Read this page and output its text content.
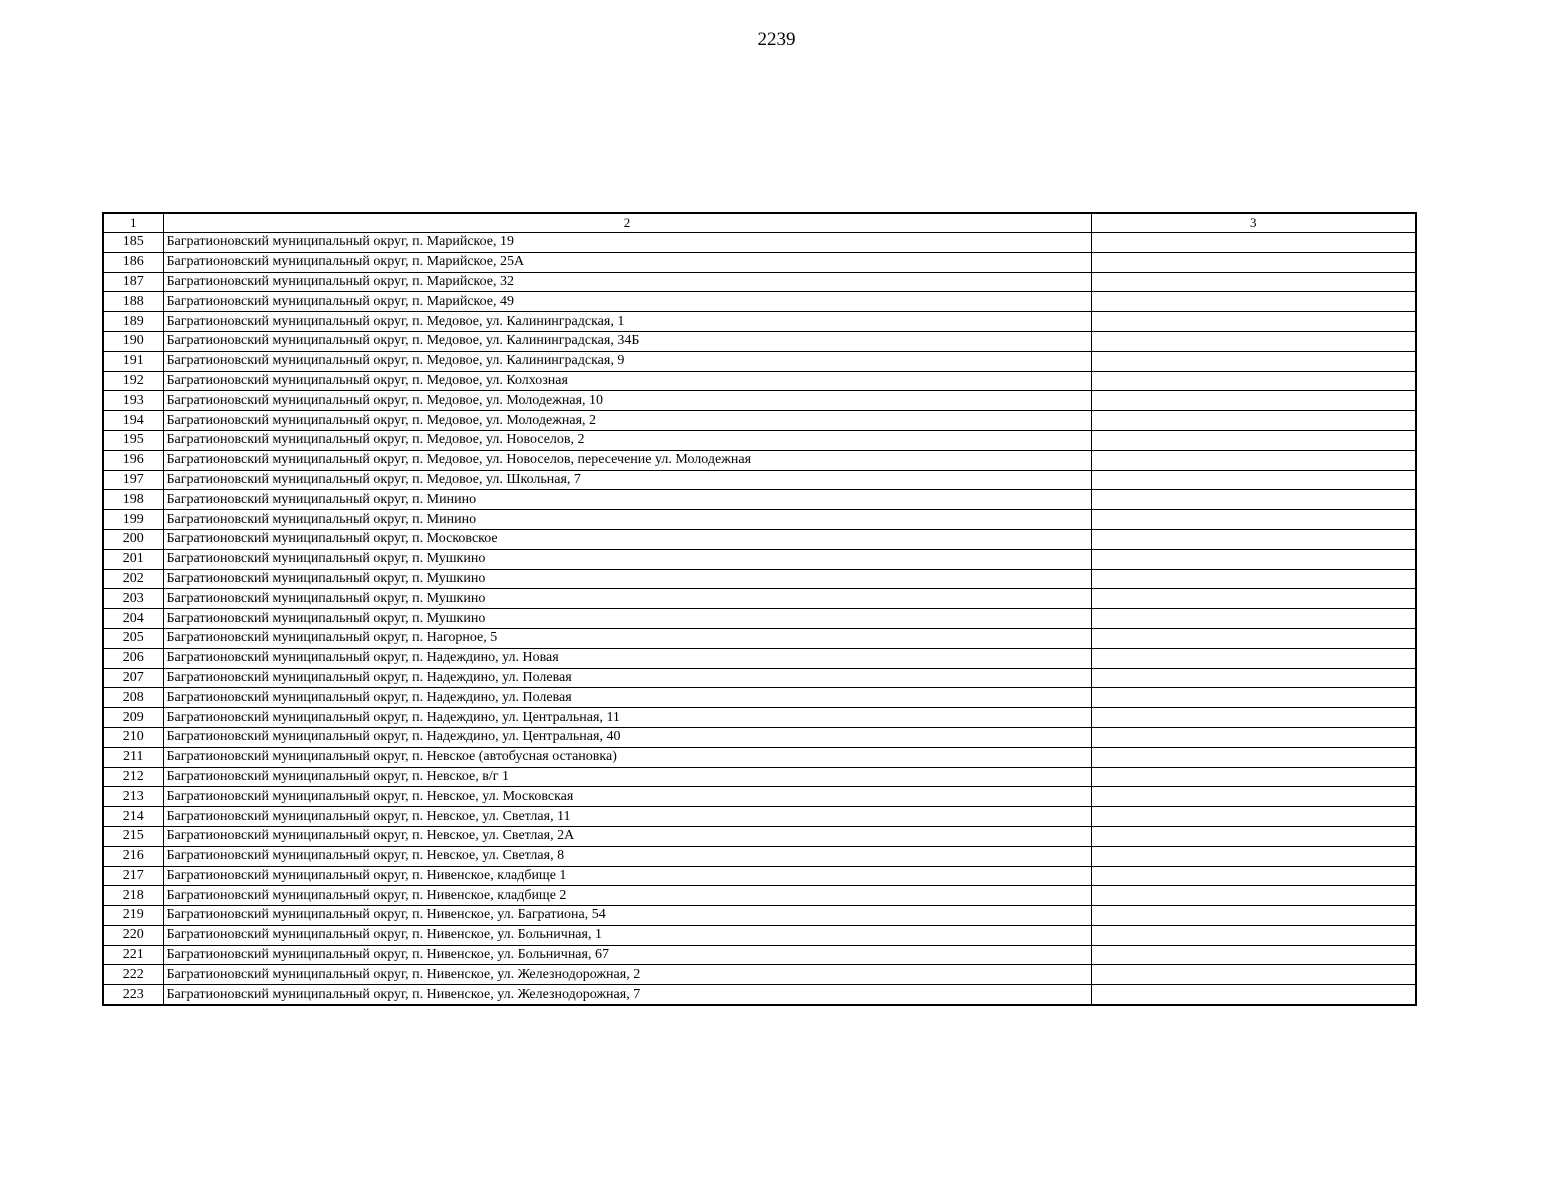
2239
1	2	3
185	Багратионовский муниципальный округ, п. Марийское, 19	
186	Багратионовский муниципальный округ, п. Марийское, 25А	
187	Багратионовский муниципальный округ, п. Марийское, 32	
188	Багратионовский муниципальный округ, п. Марийское, 49	
189	Багратионовский муниципальный округ, п. Медовое, ул. Калининградская, 1	
190	Багратионовский муниципальный округ, п. Медовое, ул. Калининградская, 34Б	
191	Багратионовский муниципальный округ, п. Медовое, ул. Калининградская, 9	
192	Багратионовский муниципальный округ, п. Медовое, ул. Колхозная	
193	Багратионовский муниципальный округ, п. Медовое, ул. Молодежная, 10	
194	Багратионовский муниципальный округ, п. Медовое, ул. Молодежная, 2	
195	Багратионовский муниципальный округ, п. Медовое, ул. Новоселов, 2	
196	Багратионовский муниципальный округ, п. Медовое, ул. Новоселов, пересечение ул. Молодежная	
197	Багратионовский муниципальный округ, п. Медовое, ул. Школьная, 7	
198	Багратионовский муниципальный округ, п. Минино	
199	Багратионовский муниципальный округ, п. Минино	
200	Багратионовский муниципальный округ, п. Московское	
201	Багратионовский муниципальный округ, п. Мушкино	
202	Багратионовский муниципальный округ, п. Мушкино	
203	Багратионовский муниципальный округ, п. Мушкино	
204	Багратионовский муниципальный округ, п. Мушкино	
205	Багратионовский муниципальный округ, п. Нагорное, 5	
206	Багратионовский муниципальный округ, п. Надеждино, ул. Новая	
207	Багратионовский муниципальный округ, п. Надеждино, ул. Полевая	
208	Багратионовский муниципальный округ, п. Надеждино, ул. Полевая	
209	Багратионовский муниципальный округ, п. Надеждино, ул. Центральная, 11	
210	Багратионовский муниципальный округ, п. Надеждино, ул. Центральная, 40	
211	Багратионовский муниципальный округ, п. Невское (автобусная остановка)	
212	Багратионовский муниципальный округ, п. Невское, в/г 1	
213	Багратионовский муниципальный округ, п. Невское, ул. Московская	
214	Багратионовский муниципальный округ, п. Невское, ул. Светлая, 11	
215	Багратионовский муниципальный округ, п. Невское, ул. Светлая, 2А	
216	Багратионовский муниципальный округ, п. Невское, ул. Светлая, 8	
217	Багратионовский муниципальный округ, п. Нивенское, кладбище 1	
218	Багратионовский муниципальный округ, п. Нивенское, кладбище 2	
219	Багратионовский муниципальный округ, п. Нивенское, ул. Багратиона, 54	
220	Багратионовский муниципальный округ, п. Нивенское, ул. Больничная, 1	
221	Багратионовский муниципальный округ, п. Нивенское, ул. Больничная, 67	
222	Багратионовский муниципальный округ, п. Нивенское, ул. Железнодорожная, 2	
223	Багратионовский муниципальный округ, п. Нивенское, ул. Железнодорожная, 7	
